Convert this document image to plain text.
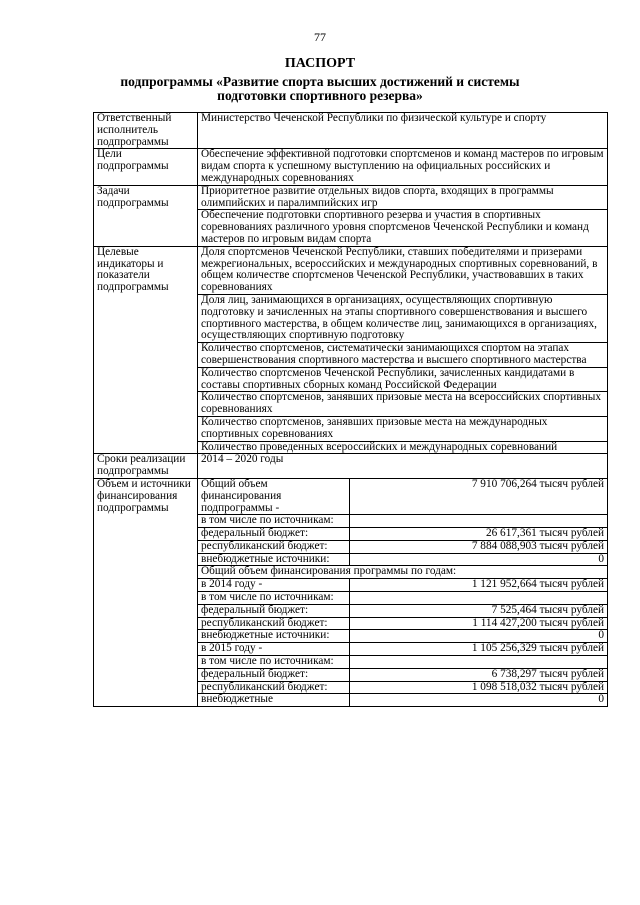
77
ПАСПОРТ
подпрограммы «Развитие спорта высших достижений и системы подготовки спортивного резерва»
Ответственный исполнитель подпрограммы	Министерство Чеченской Республики по физической культуре и спорту	
Цели подпрограммы	Обеспечение эффективной подготовки спортсменов и команд мастеров по игровым видам спорта к успешному выступлению на официальных российских и международных соревнованиях	
Задачи подпрограммы	Приоритетное развитие отдельных видов спорта, входящих в программы олимпийских и паралимпийских игр	
	Обеспечение подготовки спортивного резерва и участия в спортивных соревнованиях различного уровня спортсменов Чеченской Республики и команд мастеров по игровым видам спорта	
Целевые индикаторы и показатели подпрограммы	Доля спортсменов Чеченской Республики, ставших победителями и призерами межрегиональных, всероссийских и международных спортивных соревнований, в общем количестве спортсменов Чеченской Республики, участвовавших в таких соревнованиях	
	Доля лиц, занимающихся в организациях, осуществляющих спортивную подготовку и зачисленных на этапы спортивного совершенствования и высшего спортивного мастерства, в общем количестве лиц, занимающихся в организациях, осуществляющих спортивную подготовку	
	Количество спортсменов, систематически занимающихся спортом на этапах совершенствования спортивного мастерства и высшего спортивного мастерства	
	Количество спортсменов Чеченской Республики, зачисленных кандидатами в составы спортивных сборных команд Российской Федерации	
	Количество спортсменов, занявших призовые места на всероссийских спортивных соревнованиях	
	Количество спортсменов, занявших призовые места на международных спортивных соревнованиях	
	Количество проведенных всероссийских и международных соревнований	
Сроки реализации подпрограммы	2014 – 2020 годы	
Объем и источники финансирования подпрограммы	Общий объем финансирования подпрограммы -	7 910 706,264 тысяч рублей
	в том числе по источникам:	
	федеральный бюджет:	26 617,361 тысяч рублей
	республиканский бюджет:	7 884 088,903 тысяч рублей
	внебюджетные источники:	0
	Общий объем финансирования программы по годам:	
	в 2014 году -	1 121 952,664 тысяч рублей
	в том числе по источникам:	
	федеральный бюджет:	7 525,464 тысяч рублей
	республиканский бюджет:	1 114 427,200 тысяч рублей
	внебюджетные источники:	0
	в 2015 году -	1 105 256,329 тысяч рублей
	в том числе по источникам:	
	федеральный бюджет:	6 738,297 тысяч рублей
	республиканский бюджет:	1 098 518,032 тысяч рублей
	внебюджетные	0
